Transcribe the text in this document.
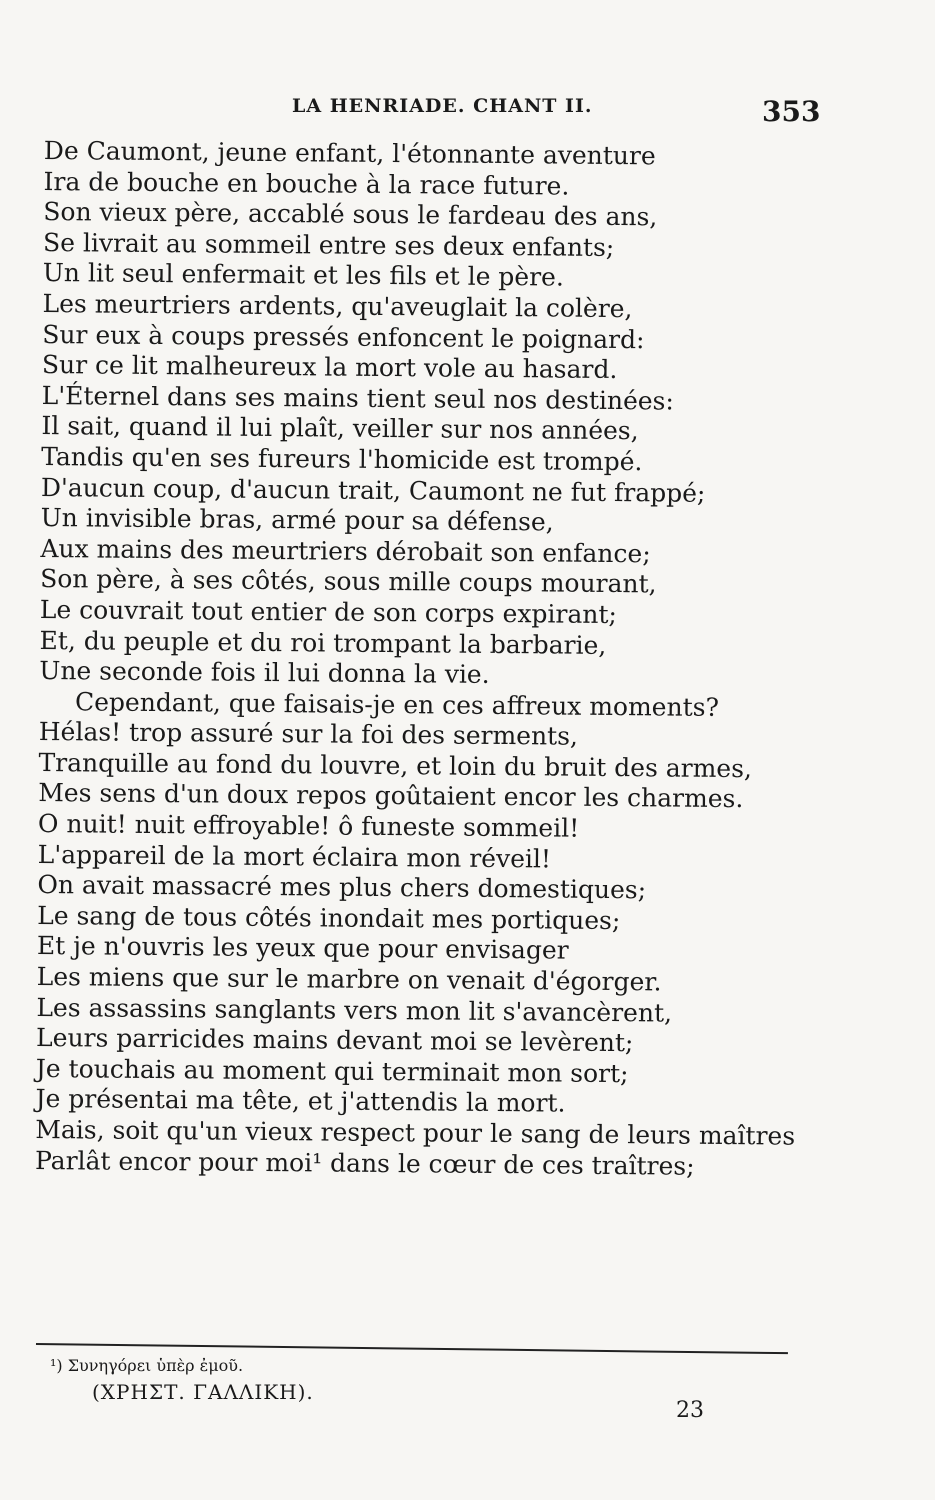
LA HENRIADE. CHANT II.	353
De Caumont, jeune enfant, l'étonnante aventure
Ira de bouche en bouche à la race future.
Son vieux père, accablé sous le fardeau des ans,
Se livrait au sommeil entre ses deux enfants;
Un lit seul enfermait et les fils et le père.
Les meurtriers ardents, qu'aveuglait la colère,
Sur eux à coups pressés enfoncent le poignard:
Sur ce lit malheureux la mort vole au hasard.
L'Éternel dans ses mains tient seul nos destinées:
Il sait, quand il lui plaît, veiller sur nos années,
Tandis qu'en ses fureurs l'homicide est trompé.
D'aucun coup, d'aucun trait, Caumont ne fut frappé;
Un invisible bras, armé pour sa défense,
Aux mains des meurtriers dérobait son enfance;
Son père, à ses côtés, sous mille coups mourant,
Le couvrait tout entier de son corps expirant;
Et, du peuple et du roi trompant la barbarie,
Une seconde fois il lui donna la vie.
Cependant, que faisais-je en ces affreux moments?
Hélas! trop assuré sur la foi des serments,
Tranquille au fond du louvre, et loin du bruit des armes,
Mes sens d'un doux repos goûtaient encor les charmes.
O nuit! nuit effroyable! ô funeste sommeil!
L'appareil de la mort éclaira mon réveil!
On avait massacré mes plus chers domestiques;
Le sang de tous côtés inondait mes portiques;
Et je n'ouvris les yeux que pour envisager
Les miens que sur le marbre on venait d'égorger.
Les assassins sanglants vers mon lit s'avancèrent,
Leurs parricides mains devant moi se levèrent;
Je touchais au moment qui terminait mon sort;
Je présentai ma tête, et j'attendis la mort.
Mais, soit qu'un vieux respect pour le sang de leurs maîtres
Parlât encor pour moi¹ dans le cœur de ces traîtres;
¹) Συνηγόρει ὑπὲρ ἐμοῦ.
(ΧΡΗΣΤ. ΓΑΛΛΙΚΗ).
23
